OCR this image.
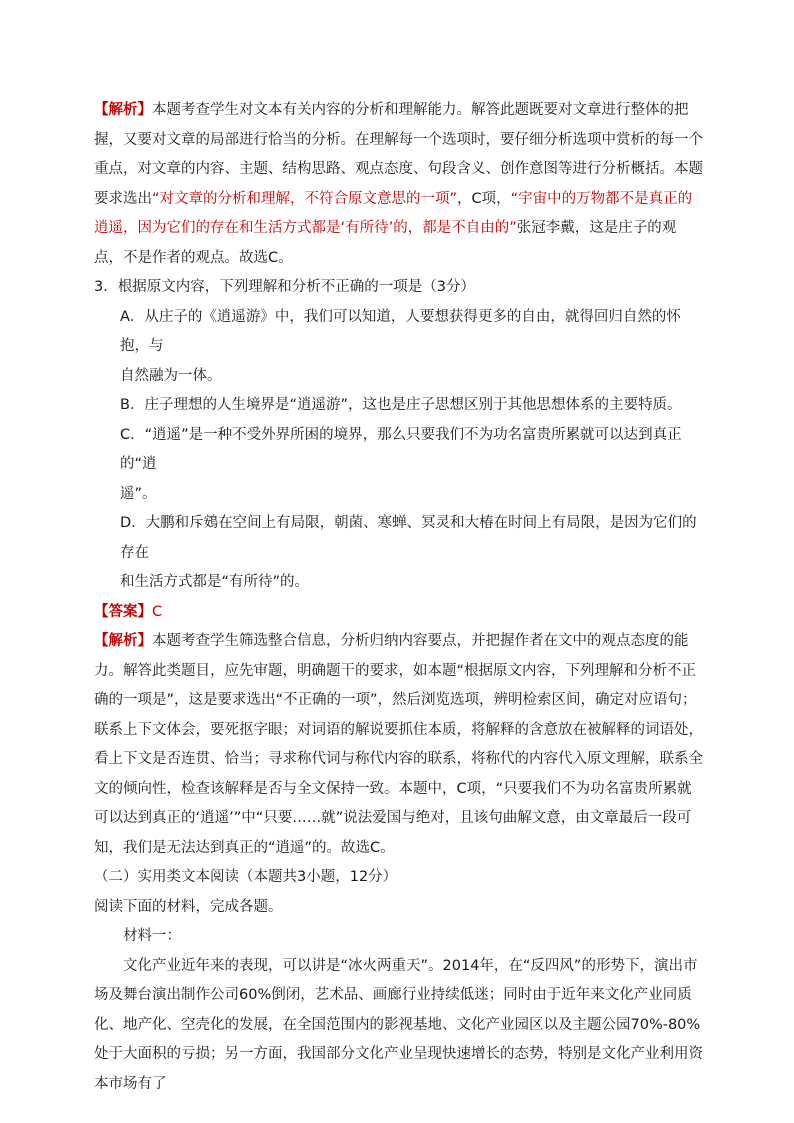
【解析】本题考查学生对文本有关内容的分析和理解能力。解答此题既要对文章进行整体的把握，又要对文章的局部进行恰当的分析。在理解每一个选项时，要仔细分析选项中赏析的每一个重点，对文章的内容、主题、结构思路、观点态度、句段含义、创作意图等进行分析概括。本题要求选出“对文章的分析和理解，不符合原文意思的一项”，C项，“宇宙中的万物都不是真正的逍遥，因为它们的存在和生活方式都是‘有所待’的，都是不自由的”张冠李戴，这是庄子的观点，不是作者的观点。故选C。

3．根据原文内容，下列理解和分析不正确的一项是（3分）

A．从庄子的《逍遥游》中，我们可以知道，人要想获得更多的自由，就得回归自然的怀抱，与

自然融为一体。

B．庄子理想的人生境界是“逍遥游”，这也是庄子思想区别于其他思想体系的主要特质。

C．“逍遥”是一种不受外界所困的境界，那么只要我们不为功名富贵所累就可以达到真正的“逍

遥”。

D．大鹏和斥鴳在空间上有局限，朝菌、寒蝉、冥灵和大椿在时间上有局限，是因为它们的存在

和生活方式都是“有所待”的。

【答案】C

【解析】本题考查学生筛选整合信息，分析归纳内容要点，并把握作者在文中的观点态度的能力。解答此类题目，应先审题，明确题干的要求，如本题“根据原文内容，下列理解和分析不正确的一项是”，这是要求选出“不正确的一项”，然后浏览选项，辨明检索区间，确定对应语句；联系上下文体会，要死抠字眼；对词语的解说要抓住本质，将解释的含意放在被解释的词语处，看上下文是否连贯、恰当；寻求称代词与称代内容的联系，将称代的内容代入原文理解，联系全文的倾向性，检查该解释是否与全文保持一致。本题中，C项，“只要我们不为功名富贵所累就可以达到真正的‘逍遥’”中“只要……就”说法爱国与绝对，且该句曲解文意，由文章最后一段可知，我们是无法达到真正的“逍遥”的。故选C。

（二）实用类文本阅读（本题共3小题，12分）

阅读下面的材料，完成各题。

材料一：

文化产业近年来的表现，可以讲是“冰火两重天”。2014年，在“反四风”的形势下，演出市场及舞台演出制作公司60%倒闭，艺术品、画廊行业持续低迷；同时由于近年来文化产业同质化、地产化、空壳化的发展，在全国范围内的影视基地、文化产业园区以及主题公园70%-80%处于大面积的亏损；另一方面，我国部分文化产业呈现快速增长的态势，特别是文化产业利用资本市场有了
